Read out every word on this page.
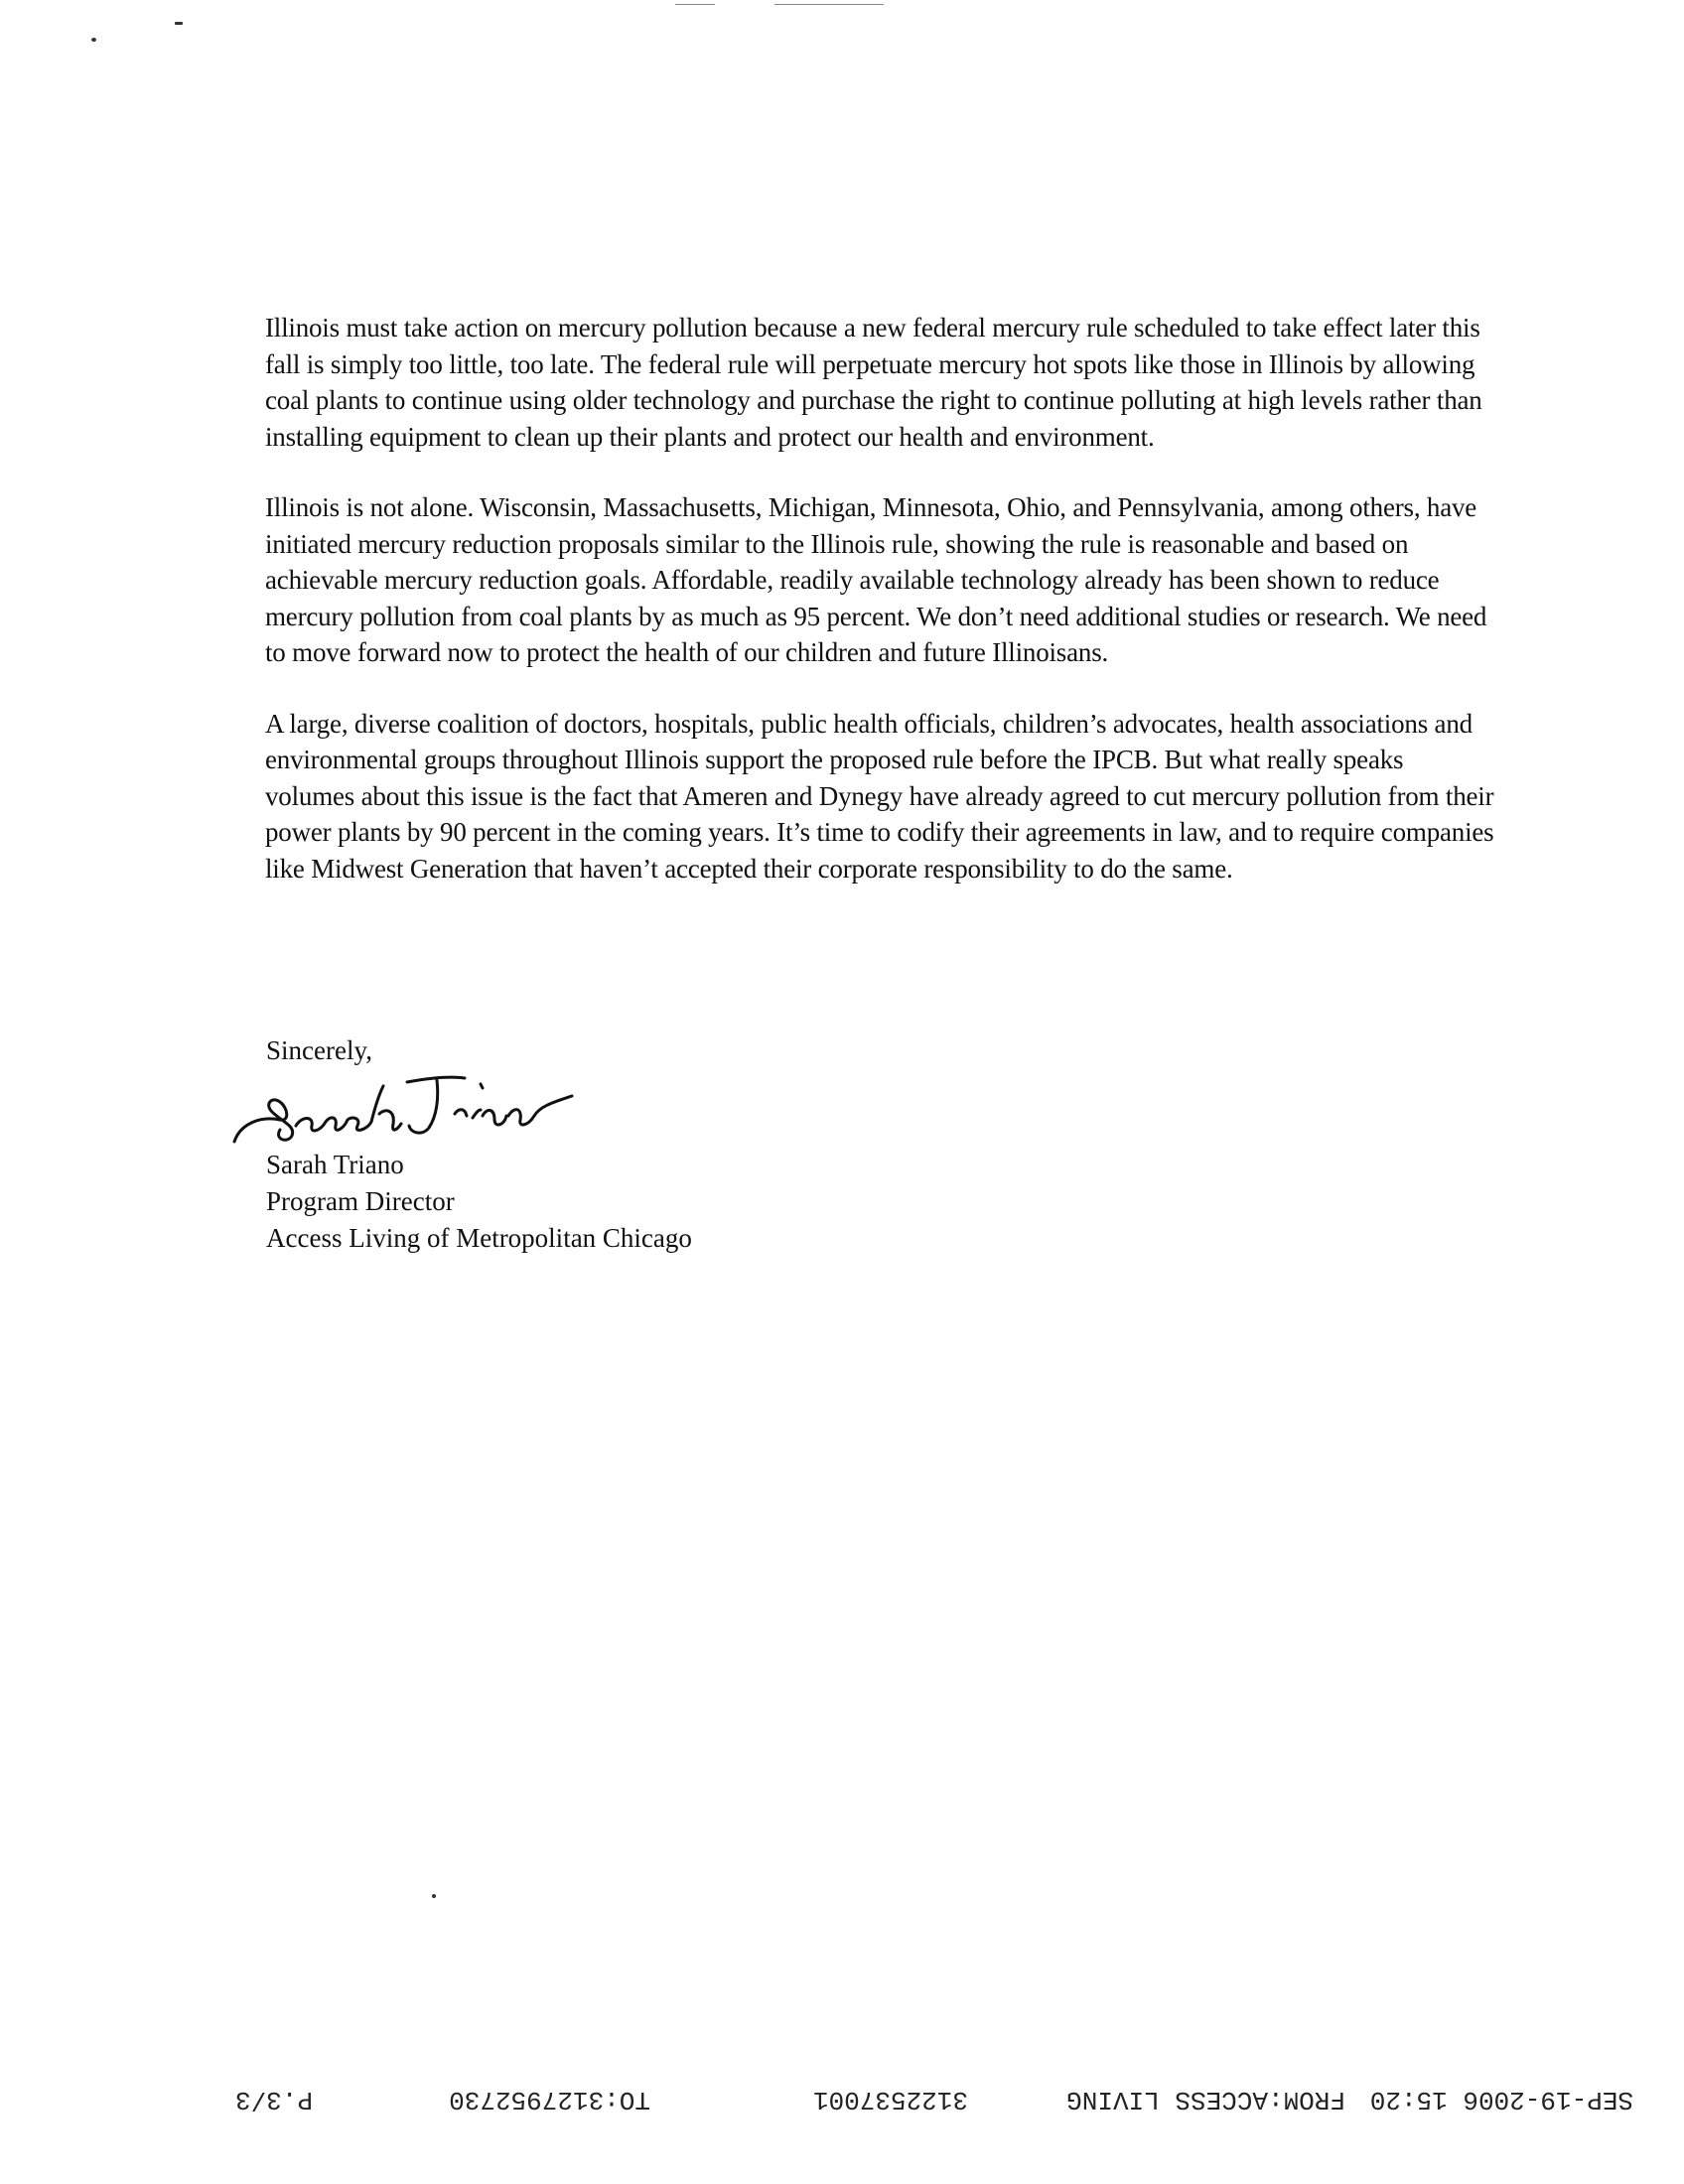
Illinois must take action on mercury pollution because a new federal mercury rule scheduled to take effect later this fall is simply too little, too late. The federal rule will perpetuate mercury hot spots like those in Illinois by allowing coal plants to continue using older technology and purchase the right to continue polluting at high levels rather than installing equipment to clean up their plants and protect our health and environment.

Illinois is not alone. Wisconsin, Massachusetts, Michigan, Minnesota, Ohio, and Pennsylvania, among others, have initiated mercury reduction proposals similar to the Illinois rule, showing the rule is reasonable and based on achievable mercury reduction goals. Affordable, readily available technology already has been shown to reduce mercury pollution from coal plants by as much as 95 percent. We don’t need additional studies or research. We need to move forward now to protect the health of our children and future Illinoisans.

A large, diverse coalition of doctors, hospitals, public health officials, children’s advocates, health associations and environmental groups throughout Illinois support the proposed rule before the IPCB. But what really speaks volumes about this issue is the fact that Ameren and Dynegy have already agreed to cut mercury pollution from their power plants by 90 percent in the coming years. It’s time to codify their agreements in law, and to require companies like Midwest Generation that haven’t accepted their corporate responsibility to do the same.

Sincerely,
Sarah Triano
Program Director
Access Living of Metropolitan Chicago
SEP-19-2006 15:20
FROM:ACCESS LIVING
3122537001
TO:3127952730
P.3/3
